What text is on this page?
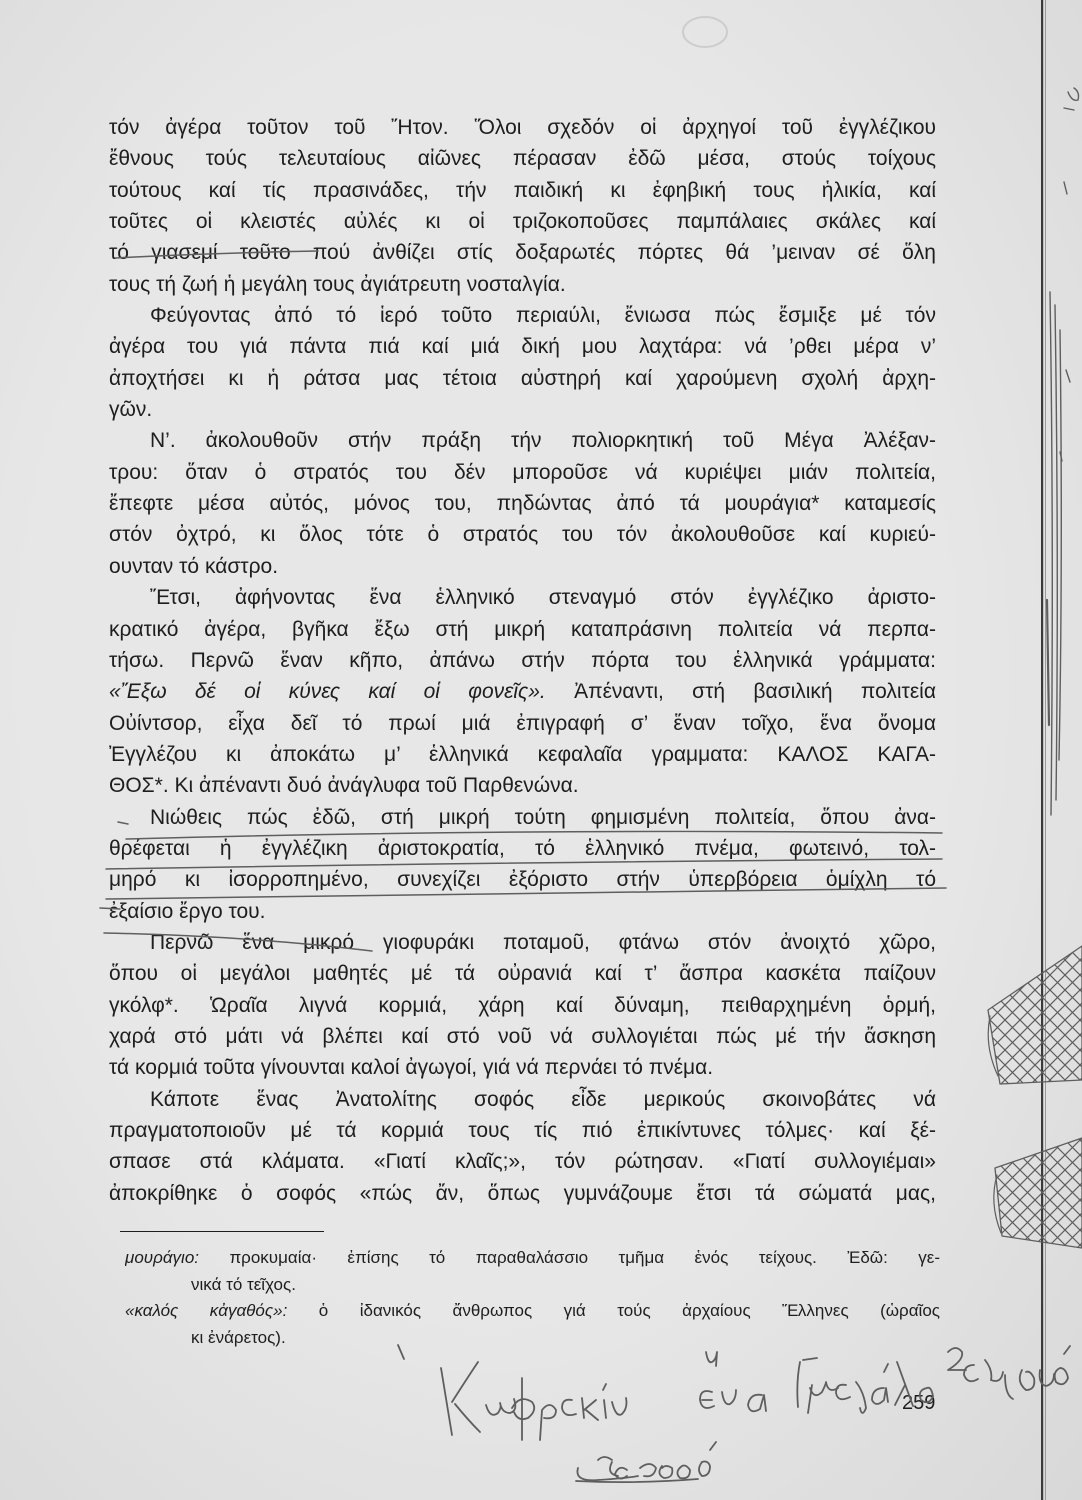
τόν ἀγέρα τοῦτον τοῦ Ἤτον. Ὅλοι σχεδόν οἱ ἀρχηγοί τοῦ ἐγγλέζικου
ἔθνους τούς τελευταίους αἰῶνες πέρασαν ἐδῶ μέσα, στούς τοίχους
τούτους καί τίς πρασινάδες, τήν παιδική κι ἐφηβική τους ἡλικία, καί
τοῦτες οἱ κλειστές αὐλές κι οἱ τριζοκοποῦσες παμπάλαιες σκάλες καί
τό γιασεμί τοῦτο πού ἀνθίζει στίς δοξαρωτές πόρτες θά ’μειναν σέ ὅλη
τους τή ζωή ἡ μεγάλη τους ἀγιάτρευτη νοσταλγία.
Φεύγοντας ἀπό τό ἱερό τοῦτο περιαύλι, ἔνιωσα πώς ἔσμιξε μέ τόν
ἀγέρα του γιά πάντα πιά καί μιά δική μου λαχτάρα: νά ’ρθει μέρα ν’
ἀποχτήσει κι ἡ ράτσα μας τέτοια αὐστηρή καί χαρούμενη σχολή ἀρχη-
γῶν.
Ν’. ἀκολουθοῦν στήν πράξη τήν πολιορκητική τοῦ Μέγα Ἀλέξαν-
τρου: ὅταν ὁ στρατός του δέν μποροῦσε νά κυριέψει μιάν πολιτεία,
ἔπεφτε μέσα αὐτός, μόνος του, πηδώντας ἀπό τά μουράγια* καταμεσίς
στόν ὀχτρό, κι ὅλος τότε ὁ στρατός του τόν ἀκολουθοῦσε καί κυριεύ-
ουνταν τό κάστρο.
Ἔτσι, ἀφήνοντας ἕνα ἑλληνικό στεναγμό στόν ἐγγλέζικο ἀριστο-
κρατικό ἀγέρα, βγῆκα ἔξω στή μικρή καταπράσινη πολιτεία νά περπα-
τήσω. Περνῶ ἕναν κῆπο, ἀπάνω στήν πόρτα του ἑλληνικά γράμματα:
«Ἔξω δέ οἱ κύνες καί οἱ φονεῖς». Ἀπέναντι, στή βασιλική πολιτεία
Οὐίντσορ, εἶχα δεῖ τό πρωί μιά ἐπιγραφή σ’ ἕναν τοῖχο, ἕνα ὄνομα
Ἐγγλέζου κι ἀποκάτω μ’ ἑλληνικά κεφαλαῖα γραμματα: ΚΑΛΟΣ ΚΑΓΑ-
ΘΟΣ*. Κι ἀπέναντι δυό ἀνάγλυφα τοῦ Παρθενώνα.
Νιώθεις πώς ἐδῶ, στή μικρή τούτη φημισμένη πολιτεία, ὅπου ἀνα-
θρέφεται ἡ ἐγγλέζικη ἀριστοκρατία, τό ἑλληνικό πνέμα, φωτεινό, τολ-
μηρό κι ἰσορροπημένο, συνεχίζει ἐξόριστο στήν ὑπερβόρεια ὁμίχλη τό
ἐξαίσιο ἔργο του.
Περνῶ ἕνα μικρό γιοφυράκι ποταμοῦ, φτάνω στόν ἀνοιχτό χῶρο,
ὅπου οἱ μεγάλοι μαθητές μέ τά οὐρανιά καί τ’ ἄσπρα κασκέτα παίζουν
γκόλφ*. Ὡραῖα λιγνά κορμιά, χάρη καί δύναμη, πειθαρχημένη ὁρμή,
χαρά στό μάτι νά βλέπει καί στό νοῦ νά συλλογιέται πώς μέ τήν ἄσκηση
τά κορμιά τοῦτα γίνουνται καλοί ἀγωγοί, γιά νά περνάει τό πνέμα.
Κάποτε ἕνας Ἀνατολίτης σοφός εἶδε μερικούς σκοινοβάτες νά
πραγματοποιοῦν μέ τά κορμιά τους τίς πιό ἐπικίντυνες τόλμες· καί ξέ-
σπασε στά κλάματα. «Γιατί κλαῖς;», τόν ρώτησαν. «Γιατί συλλογιέμαι»
ἀποκρίθηκε ὁ σοφός «πώς ἄν, ὅπως γυμνάζουμε ἔτσι τά σώματά μας,
μουράγιο: προκυμαία· ἐπίσης τό παραθαλάσσιο τμῆμα ἑνός τείχους. Ἐδῶ: γε-
νικά τό τεῖχος.
«καλός κἀγαθός»: ὁ ἰδανικός ἄνθρωπος γιά τούς ἀρχαίους Ἕλληνες (ὡραῖος
κι ἐνάρετος).
259
